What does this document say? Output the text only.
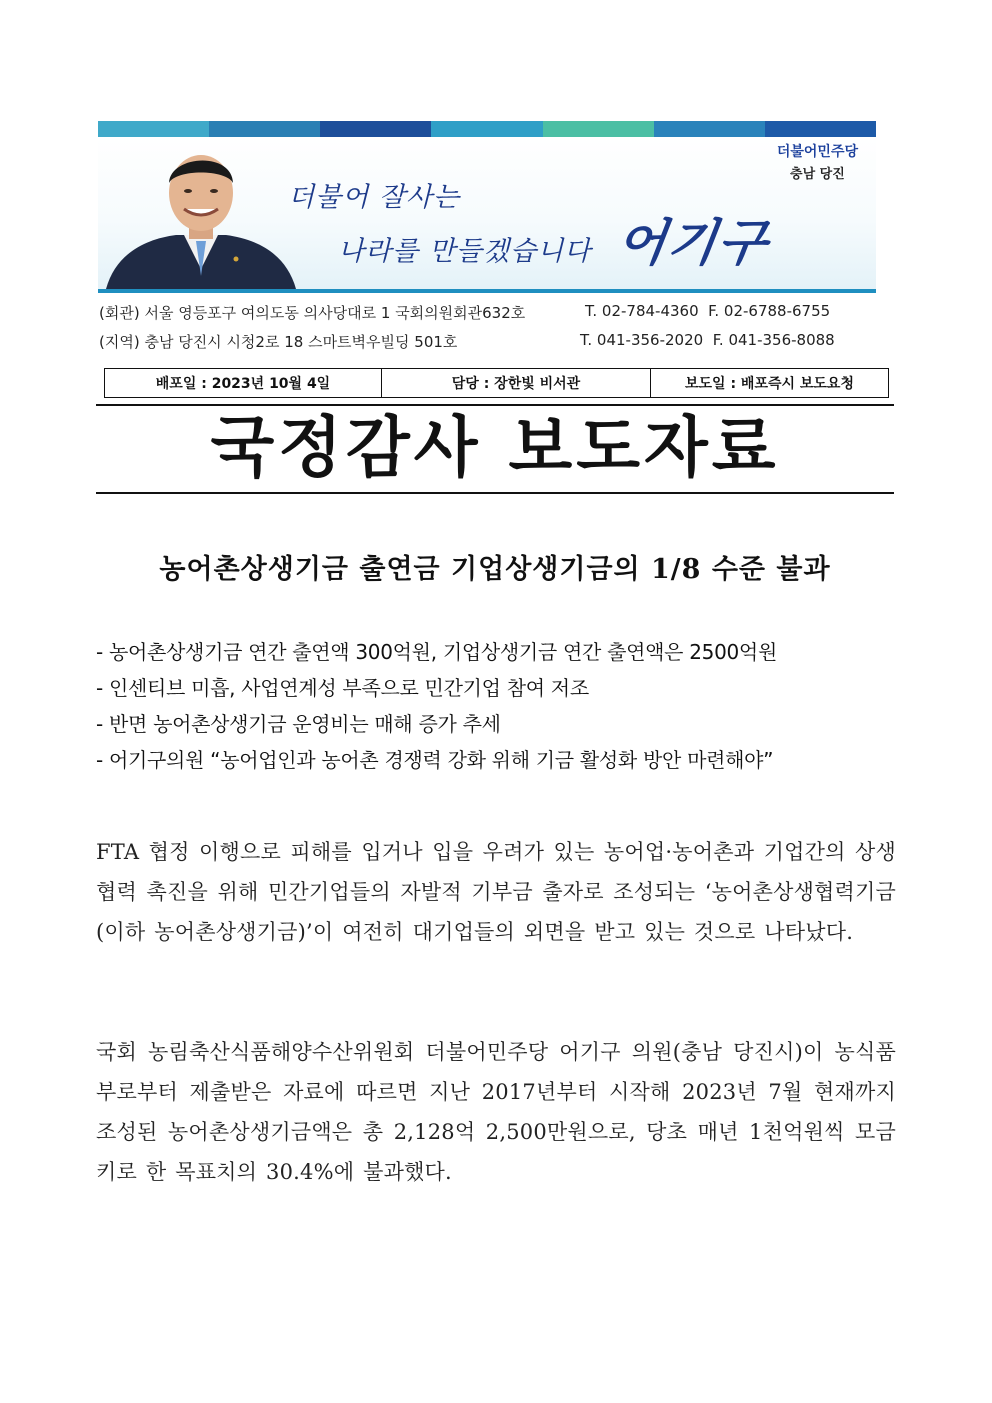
더불어 잘사는
나라를 만들겠습니다 어기구
더불어민주당
충남 당진
(회관) 서울 영등포구 여의도동 의사당대로 1 국회의원회관632호	T. 02-784-4360  F. 02-6788-6755
(지역) 충남 당진시 시청2로 18 스마트벽우빌딩 501호	T. 041-356-2020  F. 041-356-8088
배포일 : 2023년 10월 4일	담당 : 장한빛 비서관	보도일 : 배포즉시 보도요청
국정감사 보도자료
농어촌상생기금 출연금 기업상생기금의 1/8 수준 불과
- 농어촌상생기금 연간 출연액 300억원, 기업상생기금 연간 출연액은 2500억원
- 인센티브 미흡, 사업연계성 부족으로 민간기업 참여 저조
- 반면 농어촌상생기금 운영비는 매해 증가 추세
- 어기구의원 “농어업인과 농어촌 경쟁력 강화 위해 기금 활성화 방안 마련해야”
FTA 협정 이행으로 피해를 입거나 입을 우려가 있는 농어업·농어촌과 기업간의 상생협력 촉진을 위해 민간기업들의 자발적 기부금 출자로 조성되는 ‘농어촌상생협력기금(이하 농어촌상생기금)’이 여전히 대기업들의 외면을 받고 있는 것으로 나타났다.
국회 농림축산식품해양수산위원회 더불어민주당 어기구 의원(충남 당진시)이 농식품부로부터 제출받은 자료에 따르면 지난 2017년부터 시작해 2023년 7월 현재까지 조성된 농어촌상생기금액은 총 2,128억 2,500만원으로, 당초 매년 1천억원씩 모금키로 한 목표치의 30.4%에 불과했다.
